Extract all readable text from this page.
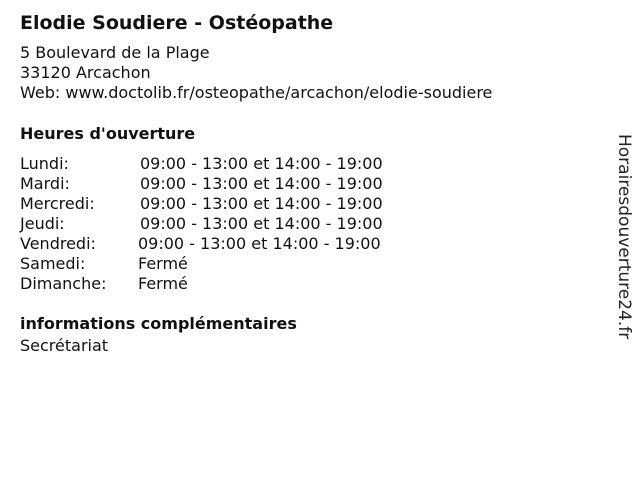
Elodie Soudiere - Ostéopathe
5 Boulevard de la Plage
33120 Arcachon
Web: www.doctolib.fr/osteopathe/arcachon/elodie-soudiere
Heures d'ouverture
Lundi:	09:00 - 13:00 et 14:00 - 19:00
Mardi:	09:00 - 13:00 et 14:00 - 19:00
Mercredi:	09:00 - 13:00 et 14:00 - 19:00
Jeudi:	09:00 - 13:00 et 14:00 - 19:00
Vendredi:	09:00 - 13:00 et 14:00 - 19:00
Samedi:	Fermé
Dimanche: Fermé
informations complémentaires
Secrétariat
Horairesdouverture24.fr
